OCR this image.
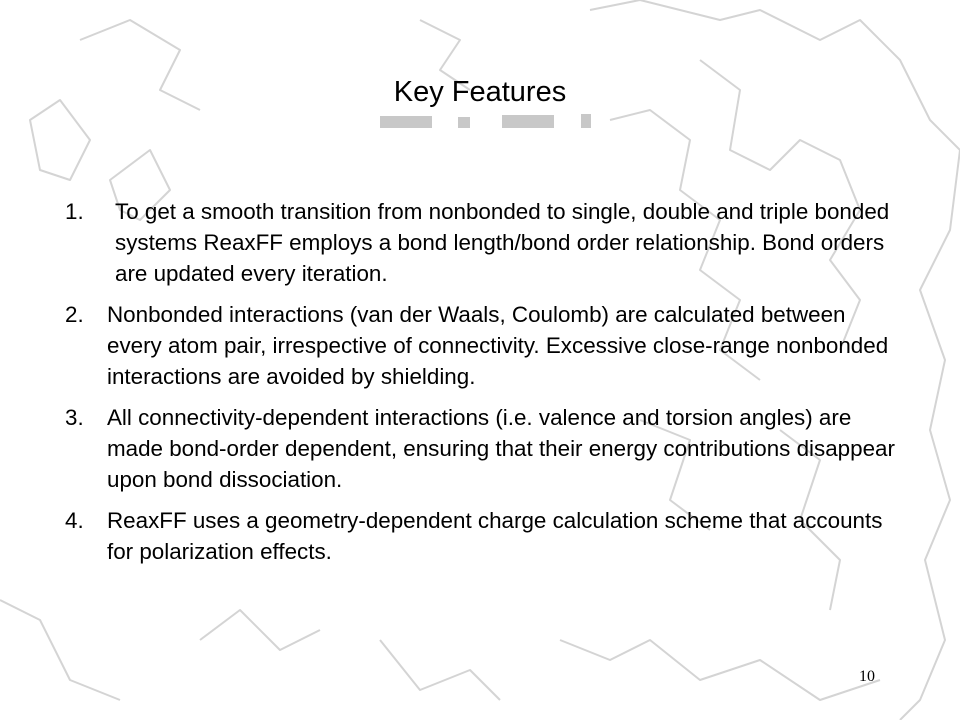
Key Features
1.	To get a smooth transition from nonbonded to single, double and triple bonded systems ReaxFF employs a bond length/bond order relationship. Bond orders are updated every iteration.
2.	Nonbonded interactions (van der Waals, Coulomb) are calculated between every atom pair, irrespective of connectivity. Excessive close-range nonbonded interactions are avoided by shielding.
3.	All connectivity-dependent interactions (i.e. valence and torsion angles) are made bond-order dependent, ensuring that their energy contributions disappear upon bond dissociation.
4.	ReaxFF uses a geometry-dependent charge calculation scheme that accounts for polarization effects.
10
